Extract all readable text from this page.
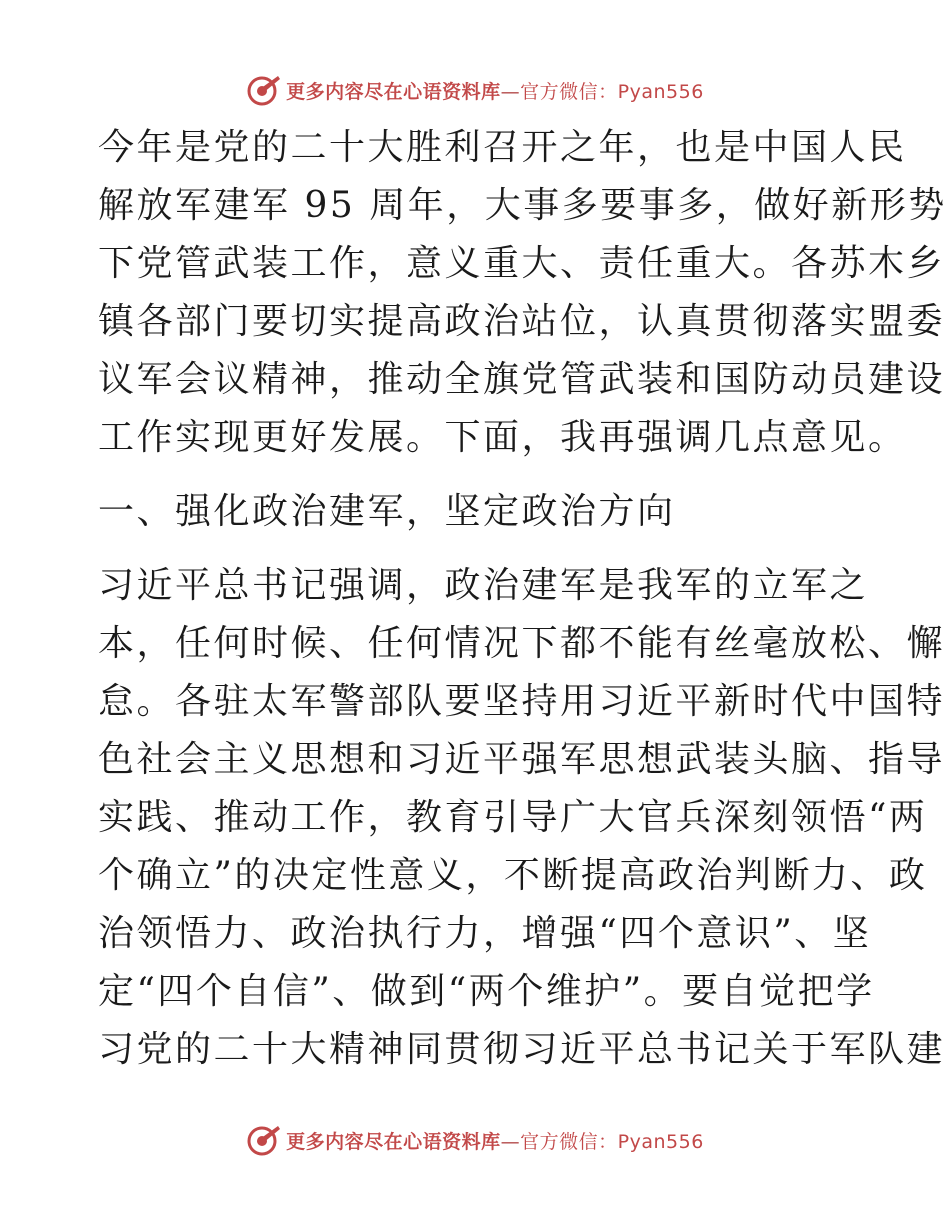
更多内容尽在心语资料库—官方微信：Pyan556
今年是党的二十大胜利召开之年，也是中国人民
解放军建军 95 周年，大事多要事多，做好新形势
下党管武装工作，意义重大、责任重大。各苏木乡
镇各部门要切实提高政治站位，认真贯彻落实盟委
议军会议精神，推动全旗党管武装和国防动员建设
工作实现更好发展。下面，我再强调几点意见。
一、强化政治建军，坚定政治方向
习近平总书记强调，政治建军是我军的立军之
本，任何时候、任何情况下都不能有丝毫放松、懈
怠。各驻太军警部队要坚持用习近平新时代中国特
色社会主义思想和习近平强军思想武装头脑、指导
实践、推动工作，教育引导广大官兵深刻领悟“两
个确立”的决定性意义，不断提高政治判断力、政
治领悟力、政治执行力，增强“四个意识”、坚
定“四个自信”、做到“两个维护”。要自觉把学
习党的二十大精神同贯彻习近平总书记关于军队建
更多内容尽在心语资料库—官方微信：Pyan556
